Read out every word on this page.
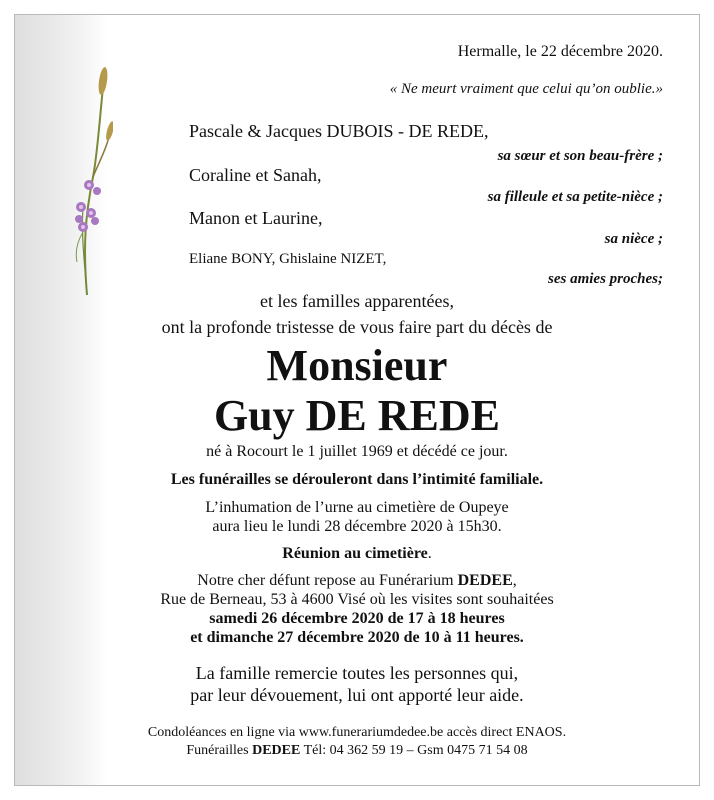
Hermalle, le 22 décembre 2020.

« Ne meurt vraiment que celui qu’on oublie.»

Pascale & Jacques DUBOIS - DE REDE,

sa sœur et son beau-frère ;

Coraline et Sanah,

sa filleule et sa petite-nièce ;

Manon et Laurine,

sa nièce ;

Eliane BONY, Ghislaine NIZET,

ses amies proches;

et les familles apparentées,

ont la profonde tristesse de vous faire part du décès de

Monsieur

Guy DE REDE

né à Rocourt le 1 juillet 1969 et décédé ce jour.

Les funérailles se dérouleront dans l’intimité familiale.

L’inhumation de l’urne au cimetière de Oupeye

aura lieu le lundi 28 décembre 2020 à 15h30.

Réunion au cimetière.

Notre cher défunt repose au Funérarium DEDEE,

Rue de Berneau, 53 à 4600 Visé où les visites sont souhaitées

samedi 26 décembre 2020 de 17 à 18 heures

et dimanche 27 décembre 2020 de 10 à 11 heures.

La famille remercie toutes les personnes qui,

par leur dévouement, lui ont apporté leur aide.

Condoléances en ligne via www.funerariumdedee.be accès direct ENAOS.

Funérailles DEDEE Tél: 04 362 59 19 – Gsm 0475 71 54 08
